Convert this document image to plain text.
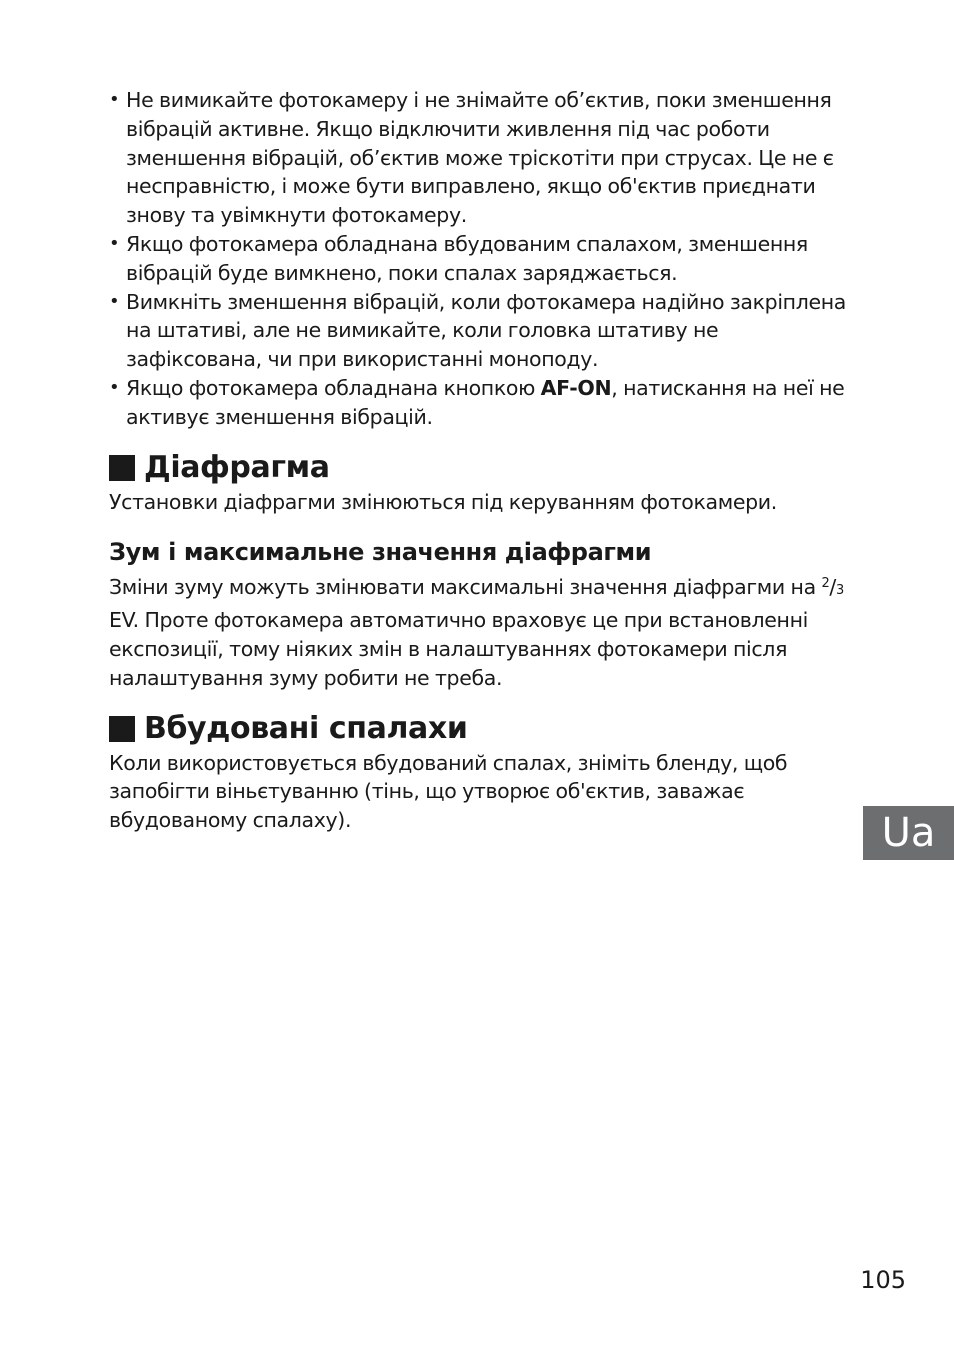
• Не вимикайте фотокамеру і не знімайте об’єктив, поки зменшення вібрацій активне. Якщо відключити живлення під час роботи зменшення вібрацій, об’єктив може тріскотіти при струсах. Це не є несправністю, і може бути виправлено, якщо об'єктив приєднати знову та увімкнути фотокамеру.
• Якщо фотокамера обладнана вбудованим спалахом, зменшення вібрацій буде вимкнено, поки спалах заряджається.
• Вимкніть зменшення вібрацій, коли фотокамера надійно закріплена на штативі, але не вимикайте, коли головка штативу не зафіксована, чи при використанні моноподу.
• Якщо фотокамера обладнана кнопкою AF-ON, натискання на неї не активує зменшення вібрацій.
Діафрагма

Установки діафрагми змінюються під керуванням фотокамери.

Зум і максимальне значення діафрагми

Зміни зуму можуть змінювати максимальні значення діафрагми на $^2$/3 EV. Проте фотокамера автоматично враховує це при встановленні експозиції, тому ніяких змін в налаштуваннях фотокамери після налаштування зуму робити не треба.

Вбудовані спалахи

Коли використовується вбудований спалах, зніміть бленду, щоб запобігти віньєтуванню (тінь, що утворює об'єктив, заважає вбудованому спалаху).	Ua
105
